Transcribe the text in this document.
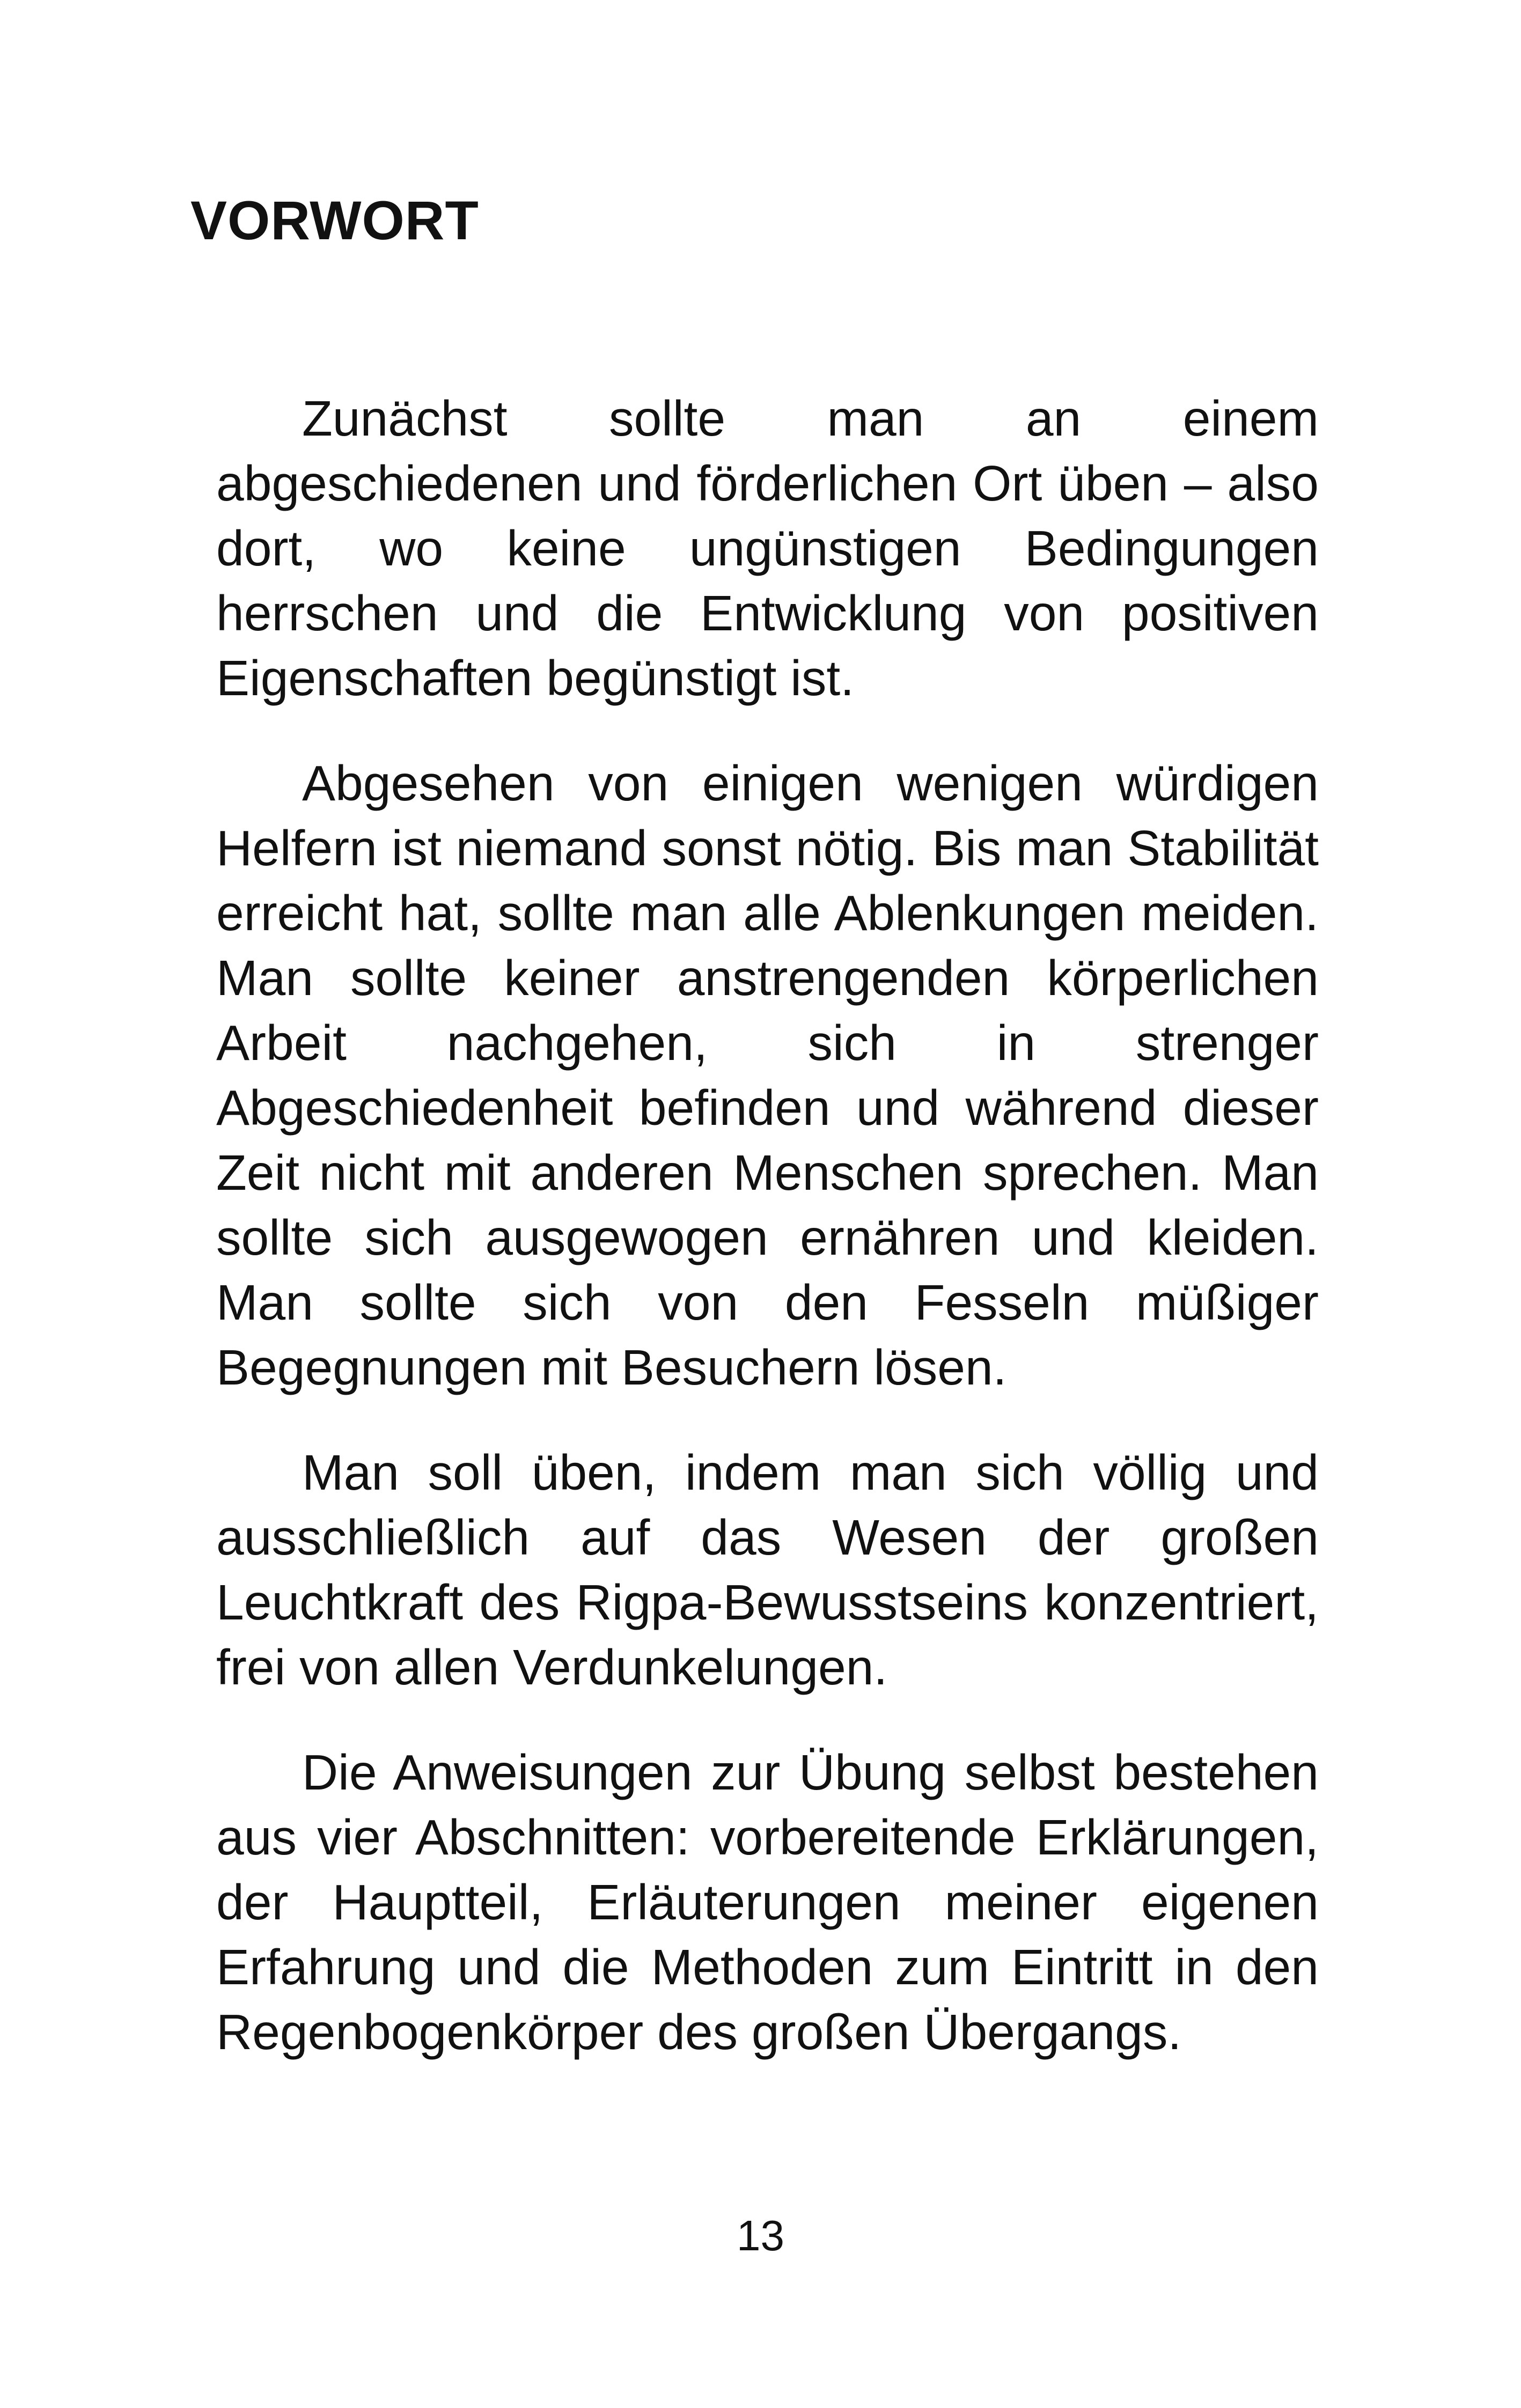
VORWORT

Zunächst sollte man an einem abgeschiedenen und förderlichen Ort üben – also dort, wo keine ungünstigen Bedingungen herrschen und die Entwicklung von positiven Eigenschaften begünstigt ist.

Abgesehen von einigen wenigen würdigen Helfern ist niemand sonst nötig. Bis man Stabilität erreicht hat, sollte man alle Ablenkungen meiden. Man sollte keiner anstrengenden körperlichen Arbeit nachgehen, sich in strenger Abgeschiedenheit befinden und während dieser Zeit nicht mit anderen Menschen sprechen. Man sollte sich ausgewogen ernähren und kleiden. Man sollte sich von den Fesseln müßiger Begegnungen mit Besuchern lösen.

Man soll üben, indem man sich völlig und ausschließlich auf das Wesen der großen Leuchtkraft des Rigpa-Bewusstseins konzentriert, frei von allen Verdunkelungen.

Die Anweisungen zur Übung selbst bestehen aus vier Abschnitten: vorbereitende Erklärungen, der Hauptteil, Erläuterungen meiner eigenen Erfahrung und die Methoden zum Eintritt in den Regenbogenkörper des großen Übergangs.

13
